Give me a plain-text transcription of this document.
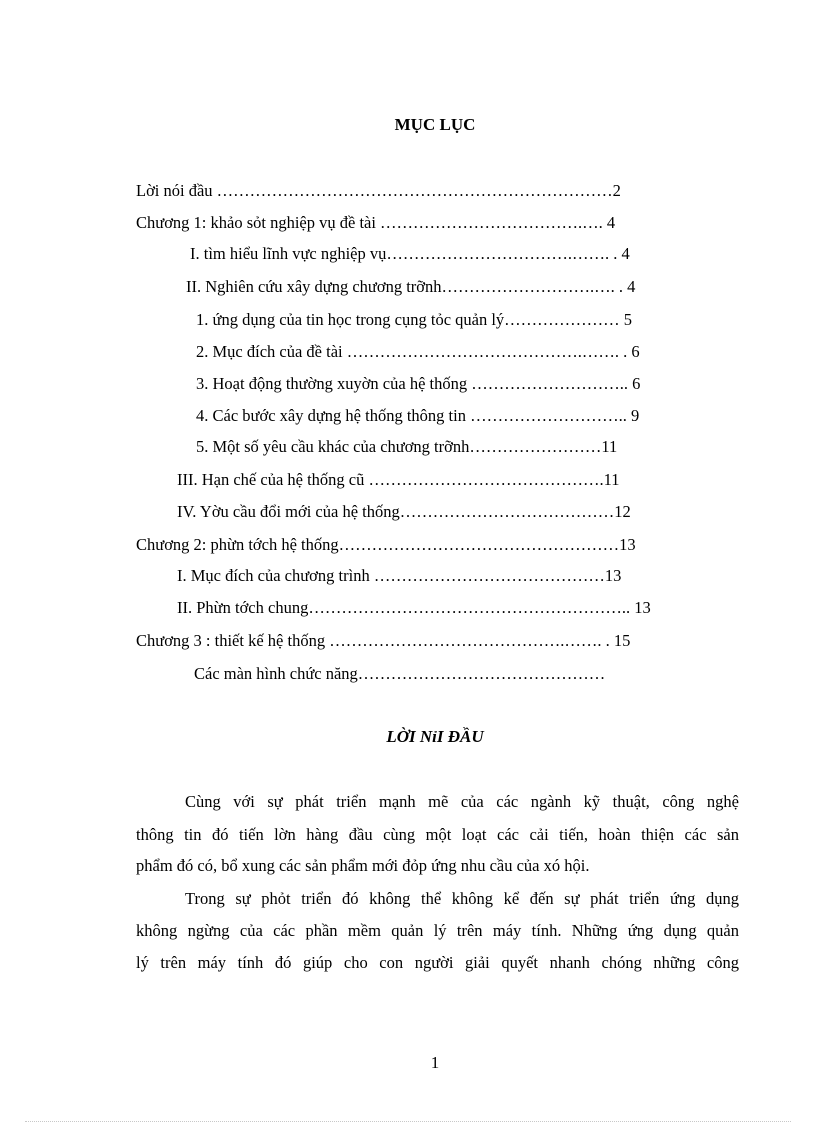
MỤC LỤC
Lời nói đầu ………………………………………………………………2
Chương 1: khảo sỏt nghiệp vụ đề tài ……………………………….…. 4
I. tìm hiểu lĩnh vực nghiệp vụ…………………………….……. . 4
II. Nghiên cứu xây dựng chương trỡnh……………………….…. . 4
1. ứng dụng của tin học trong cụng tỏc quản lý………………… 5
2. Mục đích của đề tài …………………………………….……. . 6
3. Hoạt động thường xuyờn của hệ thống ……………………….. 6
4. Các bước xây dựng hệ thống thông tin ……………………….. 9
5. Một số yêu cầu khác của chương trỡnh……………………11
III. Hạn chế của hệ thống cũ …………………………………….11
IV. Yờu cầu đổi mới của hệ thống…………………………………12
Chương 2: phừn tớch hệ thống……………………………………………13
I. Mục đích của chương trình ……………………………………13
II. Phừn tớch chung………………………………………………….. 13
Chương 3 : thiết kế hệ thống …………………………………….……. . 15
Các màn hình chức năng………………………………………
LỜI NỉI ĐẦU
Cùng với sự phát triển mạnh mẽ của các ngành kỹ thuật, công nghệ
thông tin đó tiến lờn hàng đầu cùng một loạt các cải tiến, hoàn thiện các sản
phẩm đó có, bổ xung các sản phẩm mới đỏp ứng nhu cầu của xó hội.
Trong sự phỏt triển đó không thể không kể đến sự phát triển ứng dụng
không ngừng của các phần mềm quản lý trên máy tính. Những ứng dụng quản
lý trên máy tính đó giúp cho con người giải quyết nhanh chóng những công
1
